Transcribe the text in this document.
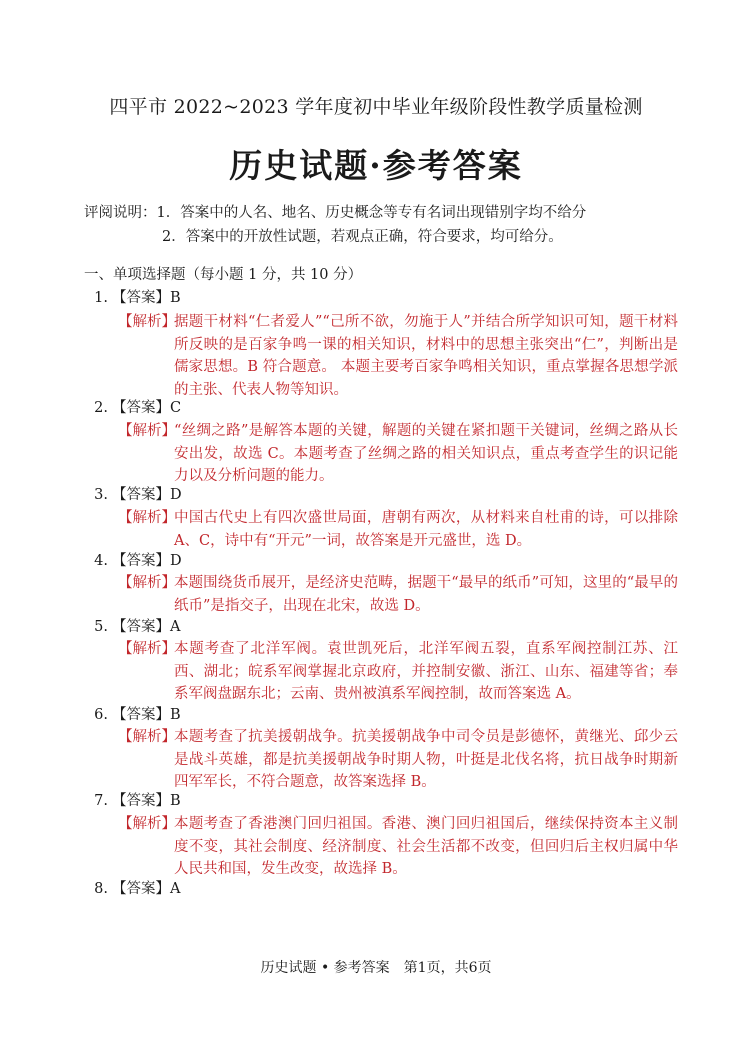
四平市 2022~2023 学年度初中毕业年级阶段性教学质量检测
历史试题·参考答案
评阅说明：1．答案中的人名、地名、历史概念等专有名词出现错别字均不给分
2．答案中的开放性试题，若观点正确，符合要求，均可给分。
一、单项选择题（每小题 1 分，共 10 分）
1. 【答案】B
【解析】
据题干材料“仁者爱人”“己所不欲，勿施于人”并结合所学知识可知，题干材料所反映的是百家争鸣一课的相关知识，材料中的思想主张突出“仁”，判断出是儒家思想。B 符合题意。 本题主要考百家争鸣相关知识，重点掌握各思想学派的主张、代表人物等知识。
2. 【答案】C
【解析】
“丝绸之路”是解答本题的关键，解题的关键在紧扣题干关键词，丝绸之路从长安出发，故选 C。本题考查了丝绸之路的相关知识点，重点考查学生的识记能力以及分析问题的能力。
3. 【答案】D
【解析】
中国古代史上有四次盛世局面，唐朝有两次，从材料来自杜甫的诗，可以排除 A、C，诗中有“开元”一词，故答案是开元盛世，选 D。
4. 【答案】D
【解析】
本题围绕货币展开，是经济史范畴，据题干“最早的纸币”可知，这里的“最早的纸币”是指交子，出现在北宋，故选 D。
5. 【答案】A
【解析】
本题考查了北洋军阀。袁世凯死后，北洋军阀五裂，直系军阀控制江苏、江西、湖北；皖系军阀掌握北京政府，并控制安徽、浙江、山东、福建等省；奉系军阀盘踞东北；云南、贵州被滇系军阀控制，故而答案选 A。
6. 【答案】B
【解析】
本题考查了抗美援朝战争。抗美援朝战争中司令员是彭德怀，黄继光、邱少云是战斗英雄，都是抗美援朝战争时期人物，叶挺是北伐名将，抗日战争时期新四军军长，不符合题意，故答案选择 B。
7. 【答案】B
【解析】
本题考查了香港澳门回归祖国。香港、澳门回归祖国后，继续保持资本主义制度不变，其社会制度、经济制度、社会生活都不改变，但回归后主权归属中华人民共和国，发生改变，故选择 B。
8. 【答案】A
历史试题 • 参考答案　第1页，共6页
